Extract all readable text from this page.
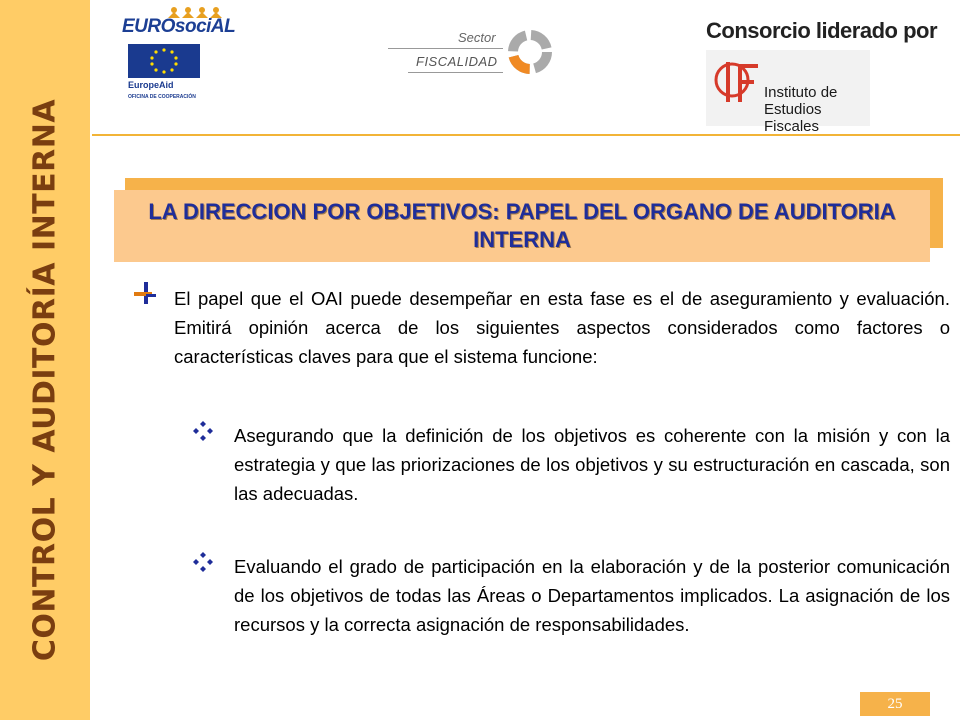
CONTROL Y AUDITORÍA INTERNA
EUROsociAL
EuropeAid
OFICINA DE COOPERACIÓN
Sector
FISCALIDAD
Consorcio liderado por
Instituto de
Estudios Fiscales
LA DIRECCION POR OBJETIVOS: PAPEL DEL ORGANO DE AUDITORIA INTERNA
El papel que el OAI puede desempeñar en esta fase es el de aseguramiento y evaluación. Emitirá opinión acerca de los siguientes aspectos considerados como factores o características claves para que el sistema funcione:
Asegurando que la definición de los objetivos es coherente con la misión y con la estrategia y que las priorizaciones de los objetivos y su estructuración en cascada, son las adecuadas.
Evaluando el grado de participación en la elaboración y de la posterior comunicación de los objetivos de todas las Áreas o Departamentos implicados. La asignación de los recursos y la correcta asignación de responsabilidades.
25
